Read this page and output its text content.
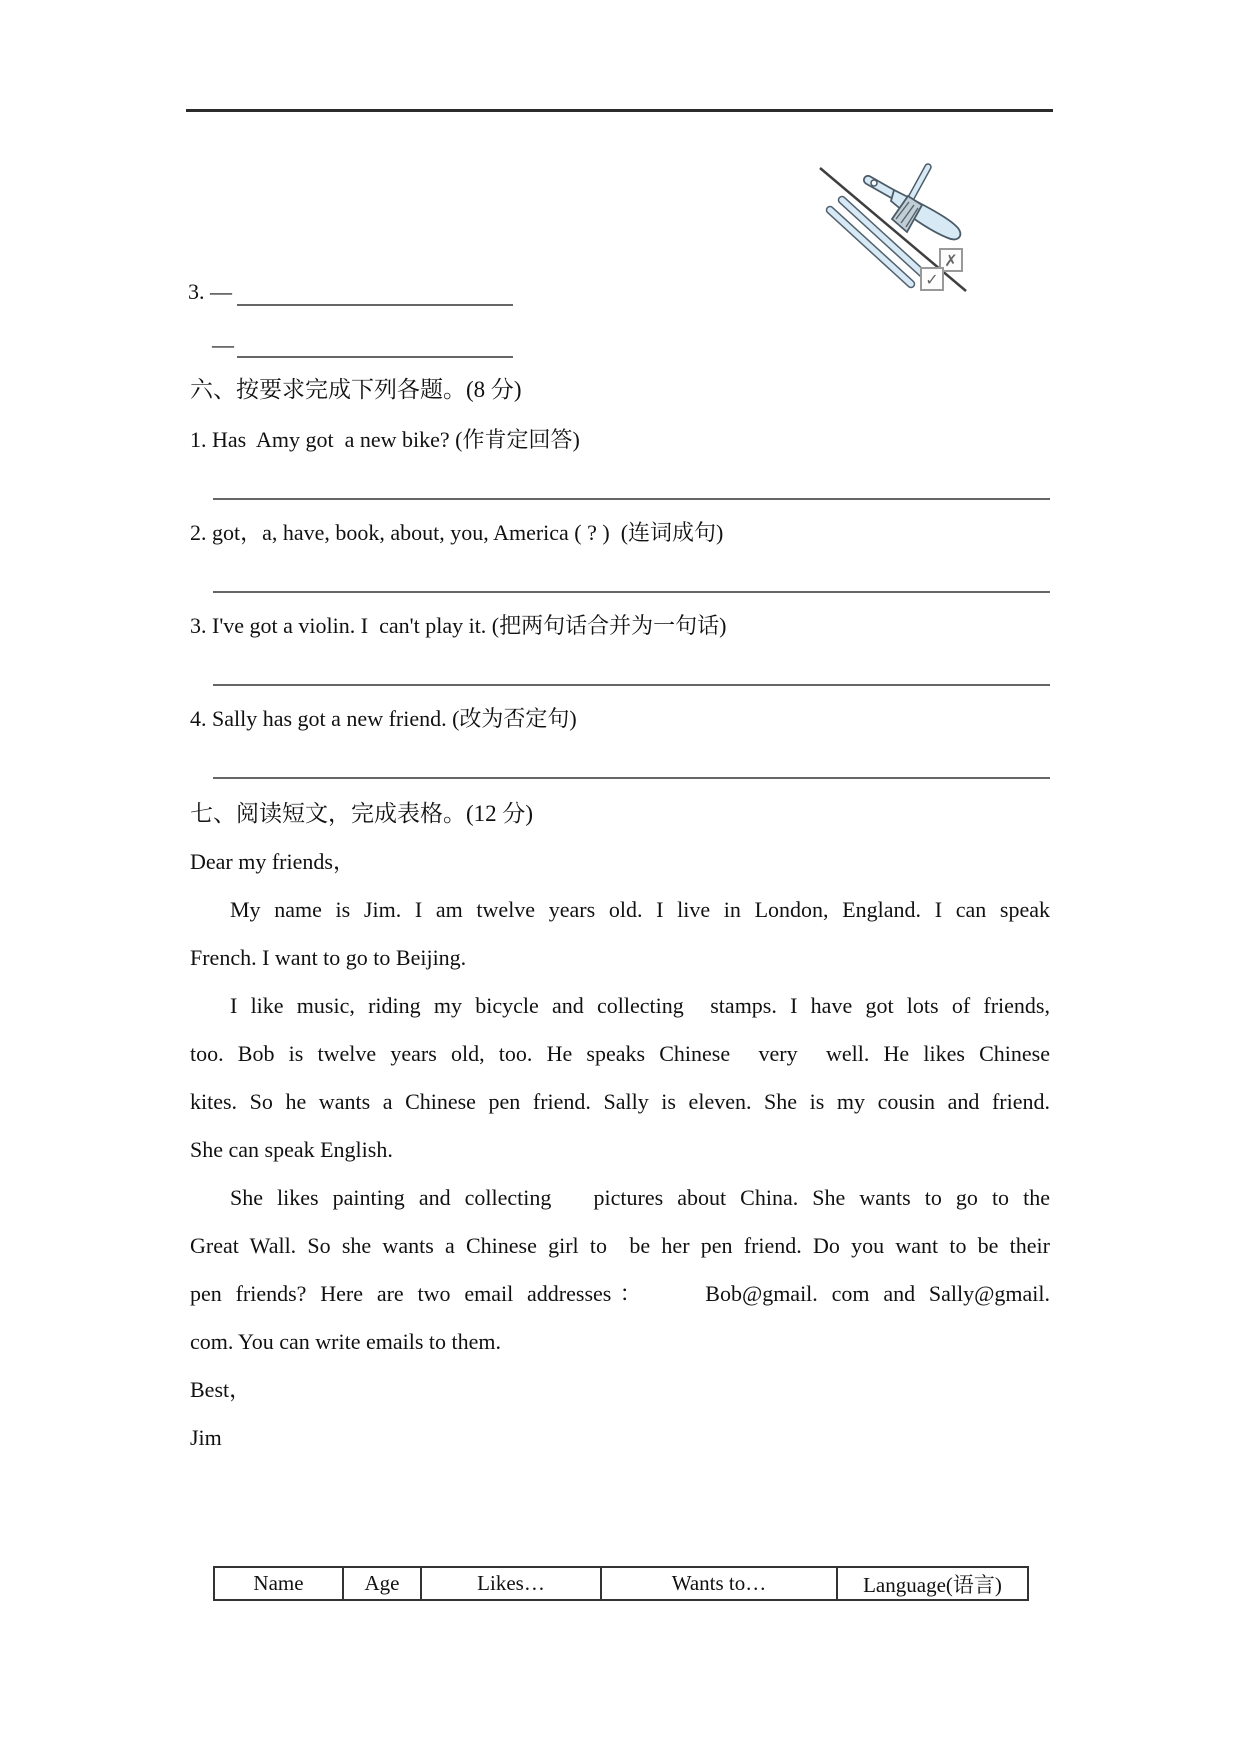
✗
✓
3. —
—
六、按要求完成下列各题。(8 分)
1. Has  Amy got  a new bike? (作肯定回答)
2. got，a, have, book, about, you, America ( ? )  (连词成句)
3. I've got a violin. I  can't play it. (把两句话合并为一句话)
4. Sally has got a new friend. (改为否定句)
七、阅读短文，完成表格。(12 分)
Dear my friends，
My name is Jim. I am twelve years old. I live in London, England. I can speak
French. I want to go to Beijing.
I like music, riding my bicycle and collecting  stamps. I have got lots of friends,
too. Bob is twelve years old, too. He speaks Chinese  very  well. He likes Chinese
kites. So he wants a Chinese pen friend. Sally is eleven. She is my cousin and friend.
She can speak English.
She likes painting and collecting   pictures about China. She wants to go to the
Great Wall. So she wants a Chinese girl to  be her pen friend. Do you want to be their
pen friends? Here are two email addresses：    Bob@gmail. com and Sally@gmail.
com. You can write emails to them.
Best，
Jim
Name	Age	Likes…	Wants to…	Language(语言)
